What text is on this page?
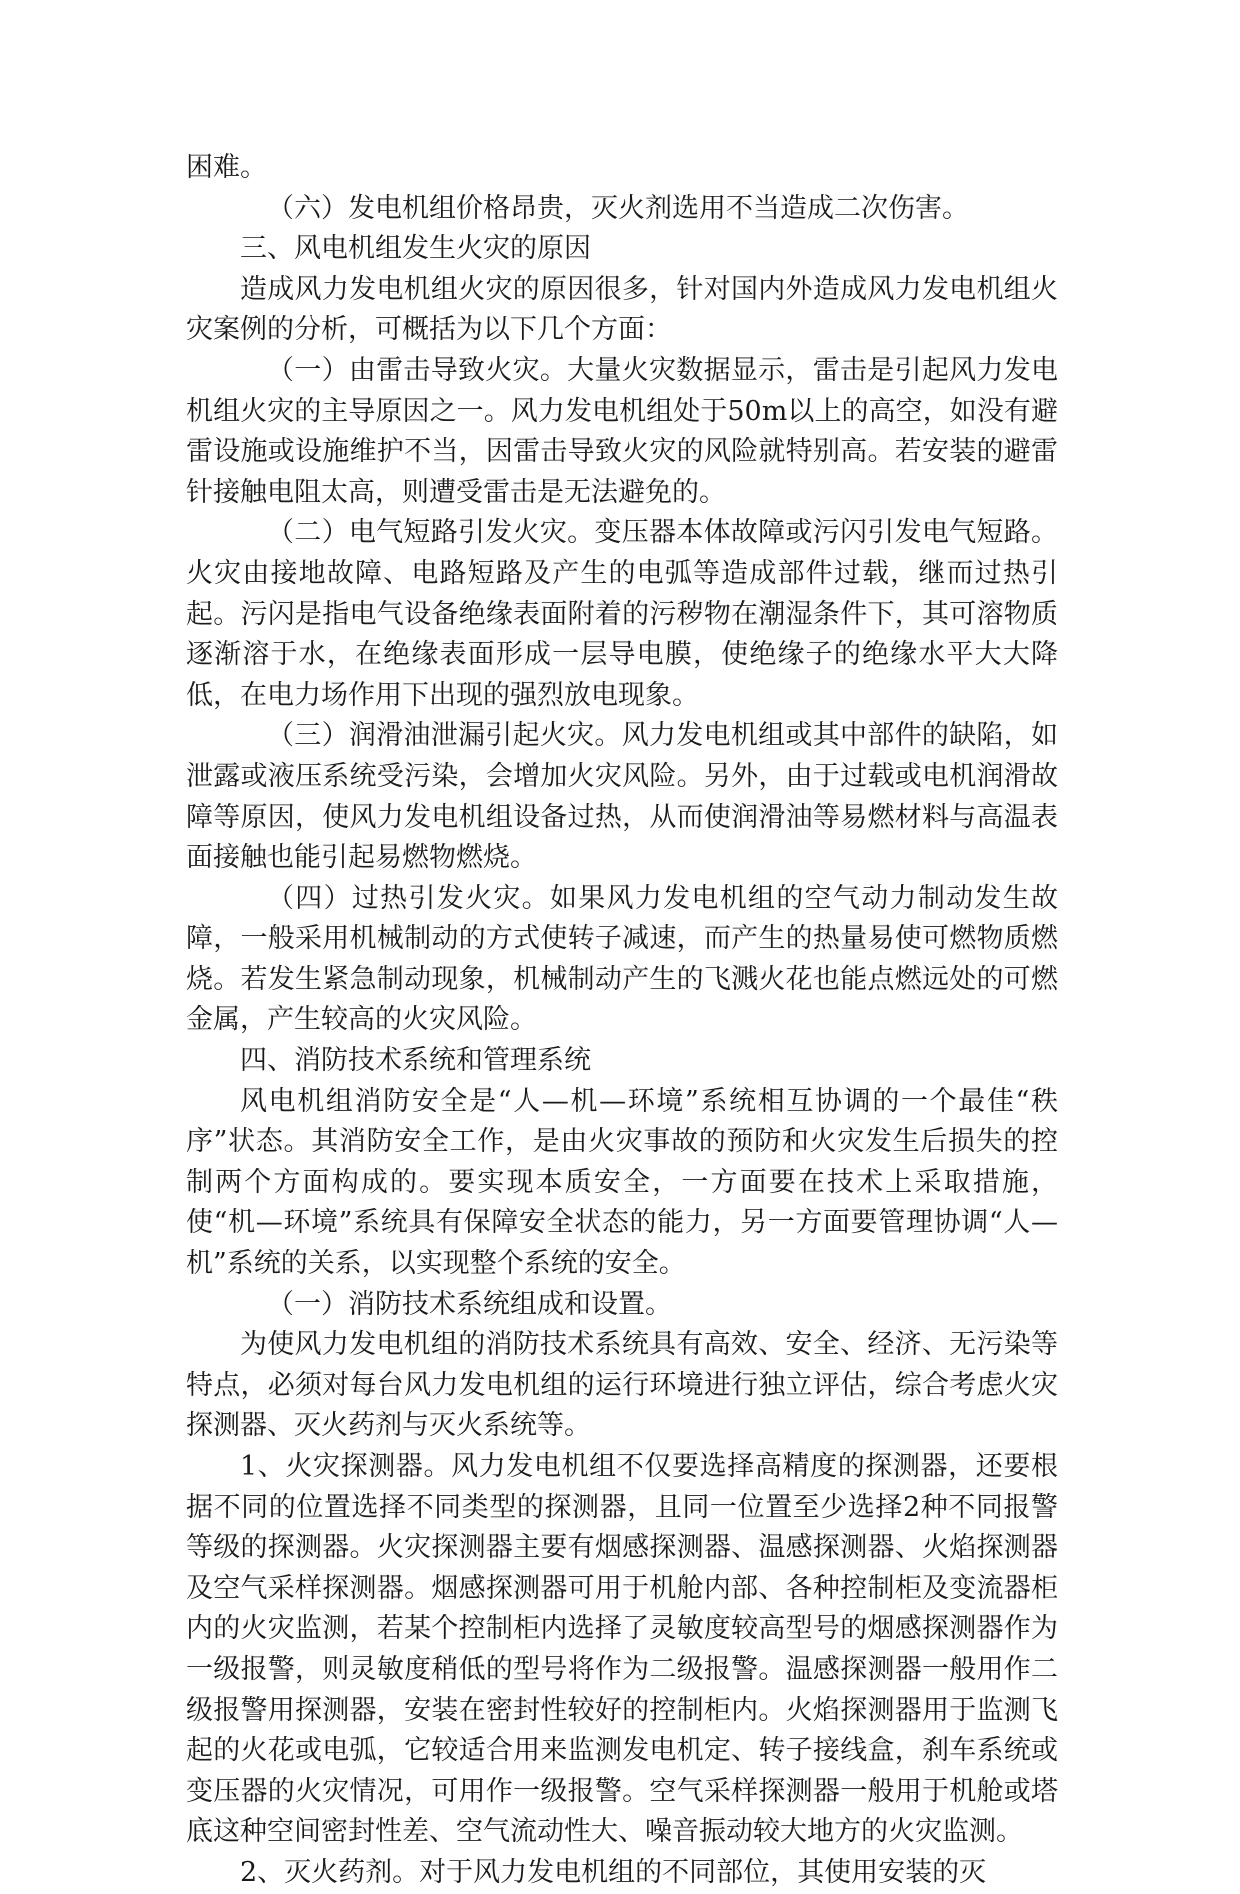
困难。

（六）发电机组价格昂贵，灭火剂选用不当造成二次伤害。

三、风电机组发生火灾的原因

造成风力发电机组火灾的原因很多，针对国内外造成风力发电机组火灾案例的分析，可概括为以下几个方面：

（一）由雷击导致火灾。大量火灾数据显示，雷击是引起风力发电机组火灾的主导原因之一。风力发电机组处于50m以上的高空，如没有避雷设施或设施维护不当，因雷击导致火灾的风险就特别高。若安装的避雷针接触电阻太高，则遭受雷击是无法避免的。

（二）电气短路引发火灾。变压器本体故障或污闪引发电气短路。火灾由接地故障、电路短路及产生的电弧等造成部件过载，继而过热引起。污闪是指电气设备绝缘表面附着的污秽物在潮湿条件下，其可溶物质逐渐溶于水，在绝缘表面形成一层导电膜，使绝缘子的绝缘水平大大降低，在电力场作用下出现的强烈放电现象。

（三）润滑油泄漏引起火灾。风力发电机组或其中部件的缺陷，如泄露或液压系统受污染，会增加火灾风险。另外，由于过载或电机润滑故障等原因，使风力发电机组设备过热，从而使润滑油等易燃材料与高温表面接触也能引起易燃物燃烧。

（四）过热引发火灾。如果风力发电机组的空气动力制动发生故障，一般采用机械制动的方式使转子减速，而产生的热量易使可燃物质燃烧。若发生紧急制动现象，机械制动产生的飞溅火花也能点燃远处的可燃金属，产生较高的火灾风险。

四、消防技术系统和管理系统

风电机组消防安全是“人—机—环境”系统相互协调的一个最佳“秩序”状态。其消防安全工作，是由火灾事故的预防和火灾发生后损失的控制两个方面构成的。要实现本质安全，一方面要在技术上采取措施，使“机—环境”系统具有保障安全状态的能力，另一方面要管理协调“人—机”系统的关系，以实现整个系统的安全。

（一）消防技术系统组成和设置。

为使风力发电机组的消防技术系统具有高效、安全、经济、无污染等特点，必须对每台风力发电机组的运行环境进行独立评估，综合考虑火灾探测器、灭火药剂与灭火系统等。

1、火灾探测器。风力发电机组不仅要选择高精度的探测器，还要根据不同的位置选择不同类型的探测器，且同一位置至少选择2种不同报警等级的探测器。火灾探测器主要有烟感探测器、温感探测器、火焰探测器及空气采样探测器。烟感探测器可用于机舱内部、各种控制柜及变流器柜内的火灾监测，若某个控制柜内选择了灵敏度较高型号的烟感探测器作为一级报警，则灵敏度稍低的型号将作为二级报警。温感探测器一般用作二级报警用探测器，安装在密封性较好的控制柜内。火焰探测器用于监测飞起的火花或电弧，它较适合用来监测发电机定、转子接线盒，刹车系统或变压器的火灾情况，可用作一级报警。空气采样探测器一般用于机舱或塔底这种空间密封性差、空气流动性大、噪音振动较大地方的火灾监测。

2、灭火药剂。对于风力发电机组的不同部位，其使用安装的灭
